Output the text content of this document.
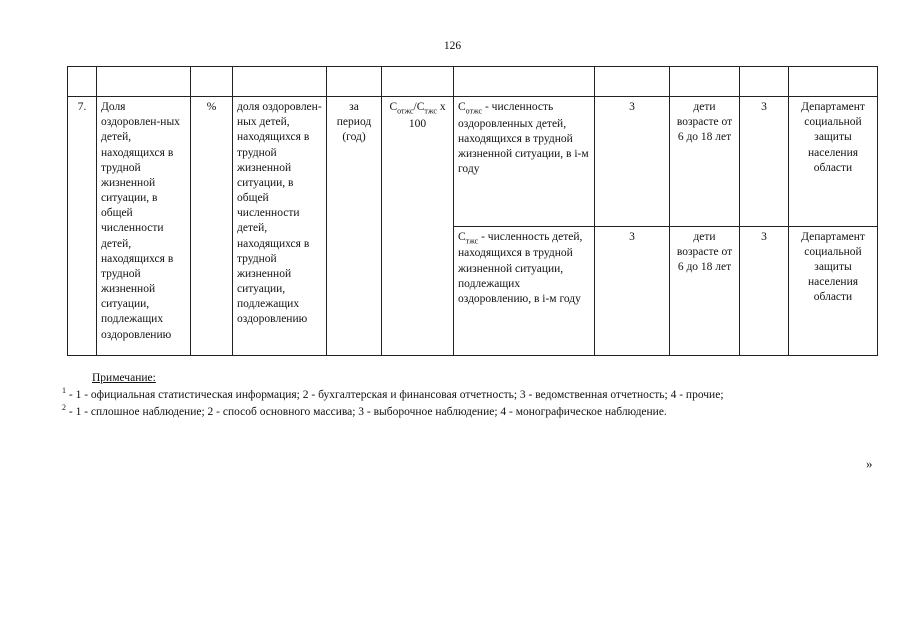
126

7.	Доля оздоровлен-ных детей, находящихся в трудной жизненной ситуации, в общей численности детей, находящихся в трудной жизненной ситуации, подлежащих оздоровлению	%	доля оздоровлен-ных детей, находящихся в трудной жизненной ситуации, в общей численности детей, находящихся в трудной жизненной ситуации, подлежащих оздоровлению	за период (год)	$С_{отжс}/С_{тжс}$ х 100	$С_{отжс}$ - численность оздоровленных детей, находящихся в трудной жизненной ситуации, в і-м году	3	дети возрасте от 6 до 18 лет	3	Департамент социальной защиты населения области
						$С_{тжс}$ - численность детей, находящихся в трудной жизненной ситуации, подлежащих оздоровлению, в і-м году	3	дети возрасте от 6 до 18 лет	3	Департамент социальной защиты населения области
Примечание:
$^1$ - 1 - официальная статистическая информация; 2 - бухгалтерская и финансовая отчетность; 3 - ведомственная отчетность; 4 - прочие;
$^2$ - 1 - сплошное наблюдение; 2 - способ основного массива; 3 - выборочное наблюдение; 4 - монографическое наблюдение.
»
